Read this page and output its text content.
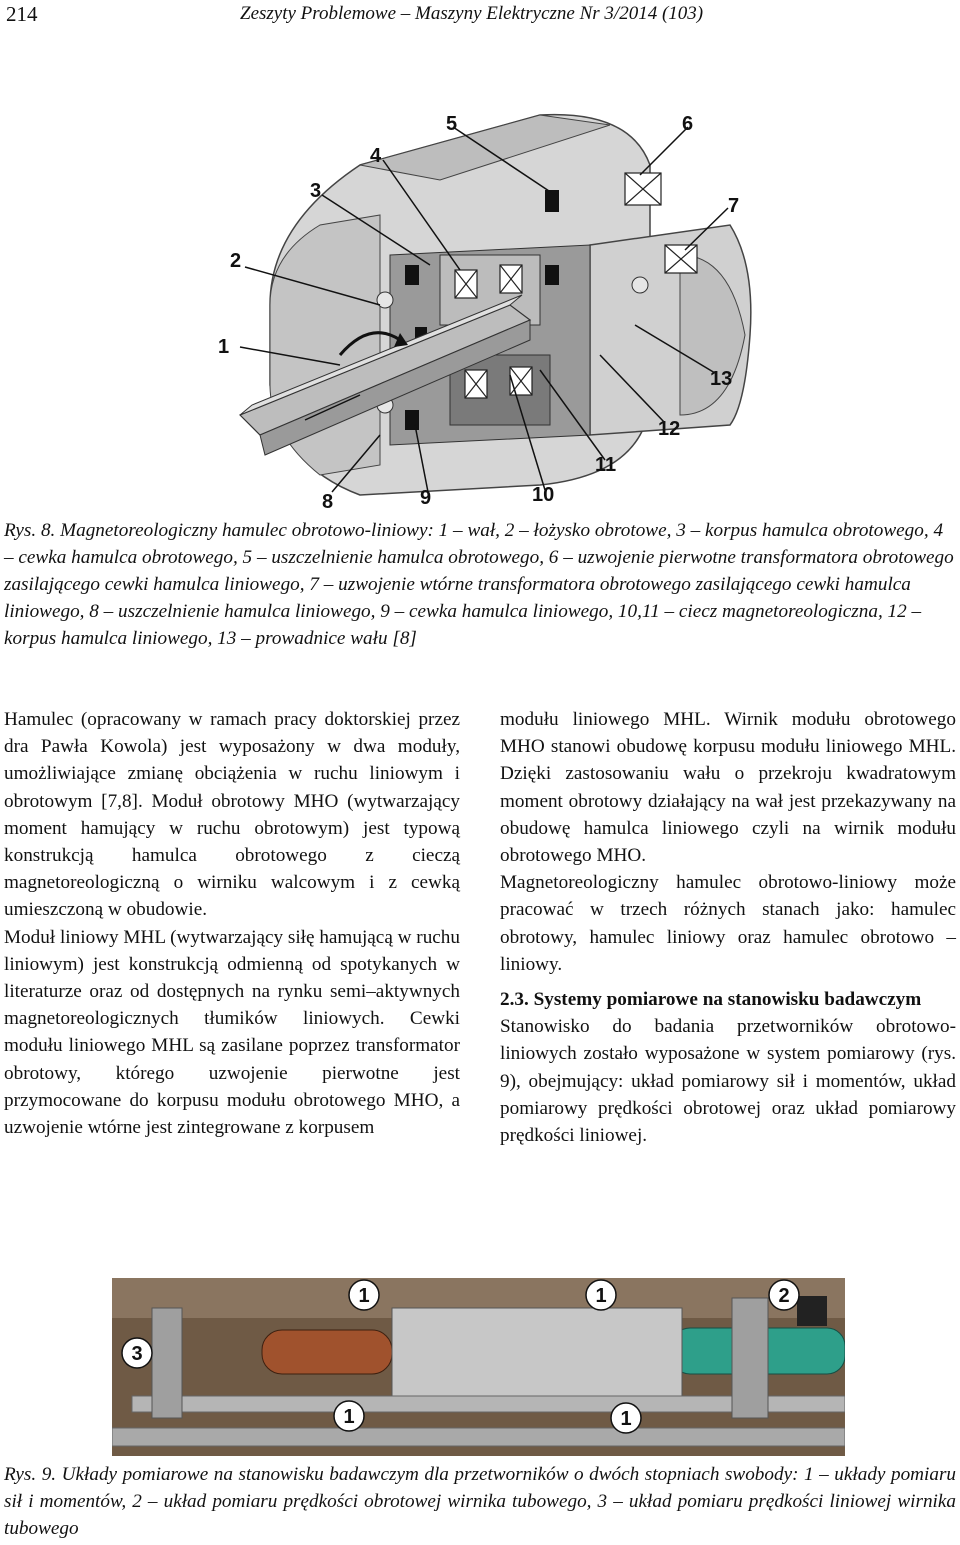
214	Zeszyty Problemowe – Maszyny Elektryczne Nr 3/2014 (103)
1
2
3
4
5	6
7
13
12
11
10
9
8
Rys. 8. Magnetoreologiczny hamulec obrotowo-liniowy: 1 – wał, 2 – łożysko obrotowe, 3 – korpus hamulca obrotowego, 4 – cewka hamulca obrotowego, 5 – uszczelnienie hamulca obrotowego, 6 – uzwojenie pierwotne transformatora obrotowego zasilającego cewki hamulca liniowego, 7 – uzwojenie wtórne transformatora obrotowego zasilającego cewki hamulca liniowego, 8 – uszczelnienie hamulca liniowego, 9 – cewka hamulca liniowego, 10,11 – ciecz magnetoreologiczna, 12 – korpus hamulca liniowego, 13 – prowadnice wału [8]

Hamulec (opracowany w ramach pracy doktorskiej przez dra Pawła Kowola) jest wyposażony w dwa moduły, umożliwiające zmianę obciążenia w ruchu liniowym i obrotowym [7,8]. Moduł obrotowy MHO (wytwarzający moment hamujący w ruchu obrotowym) jest typową konstrukcją hamulca obrotowego z cieczą magnetoreologiczną o wirniku walcowym i z cewką umieszczoną w obudowie.

Moduł liniowy MHL (wytwarzający siłę hamującą w ruchu liniowym) jest konstrukcją odmienną od spotykanych w literaturze oraz od dostępnych na rynku semi–aktywnych magnetoreologicznych tłumików liniowych. Cewki modułu liniowego MHL są zasilane poprzez transformator obrotowy, którego uzwojenie pierwotne jest przymocowane do korpusu modułu obrotowego MHO, a uzwojenie wtórne jest zintegrowane z korpusem

modułu liniowego MHL. Wirnik modułu obrotowego MHO stanowi obudowę korpusu modułu liniowego MHL. Dzięki zastosowaniu wału o przekroju kwadratowym moment obrotowy działający na wał jest przekazywany na obudowę hamulca liniowego czyli na wirnik modułu obrotowego MHO.

Magnetoreologiczny hamulec obrotowo-liniowy może pracować w trzech różnych stanach jako: hamulec obrotowy, hamulec liniowy oraz hamulec obrotowo – liniowy.

2.3. Systemy pomiarowe na stanowisku badawczym

Stanowisko do badania przetworników obrotowo-liniowych zostało wyposażone w system pomiarowy (rys. 9), obejmujący: układ pomiarowy sił i momentów, układ pomiarowy prędkości obrotowej oraz układ pomiarowy prędkości liniowej.

1	1	2
3
1	1
Rys. 9. Układy pomiarowe na stanowisku badawczym dla przetworników o dwóch stopniach swobody: 1 – układy pomiaru sił i momentów, 2 – układ pomiaru prędkości obrotowej wirnika tubowego, 3 – układ pomiaru prędkości liniowej wirnika tubowego
